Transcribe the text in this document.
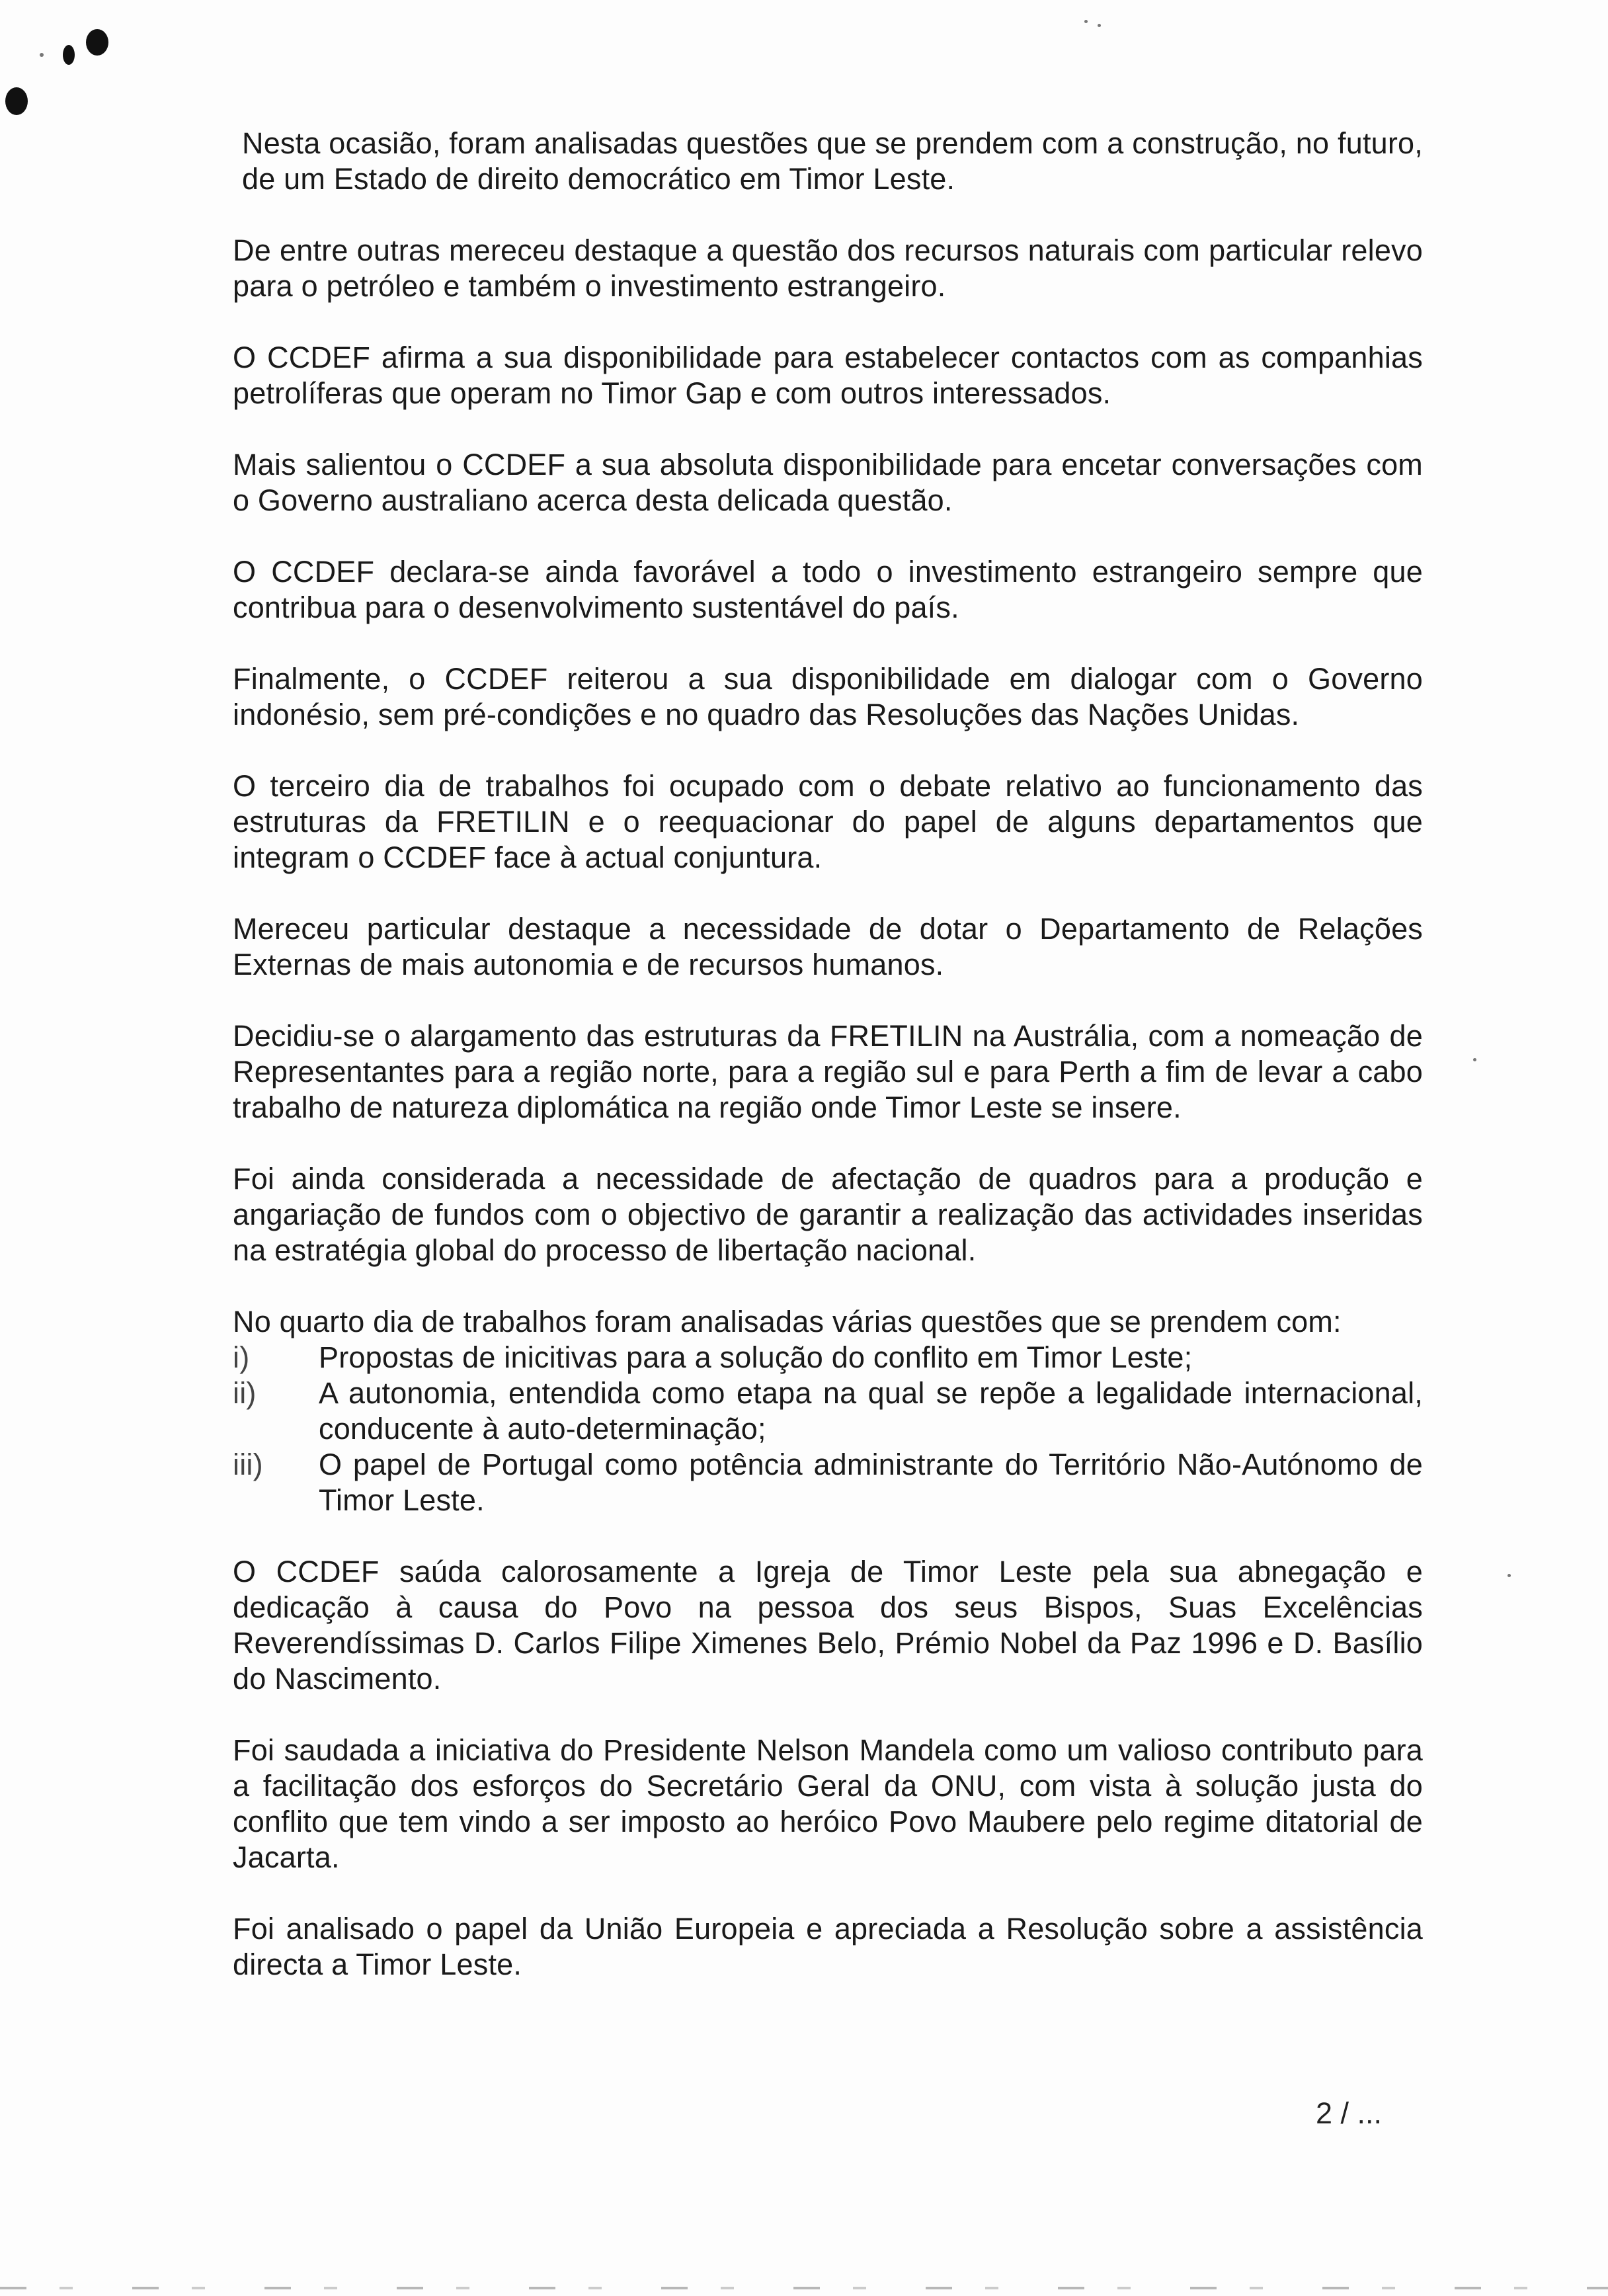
Nesta ocasião, foram analisadas questões que se prendem com a construção, no futuro, de um Estado de direito democrático em Timor Leste.

De entre outras mereceu destaque a questão dos recursos naturais com particular relevo para o petróleo e também o investimento estrangeiro.

O CCDEF afirma a sua disponibilidade para estabelecer contactos com as companhias petrolíferas que operam no Timor Gap e com outros interessados.

Mais salientou o CCDEF a sua absoluta disponibilidade para encetar conversações com o Governo australiano acerca desta delicada questão.

O CCDEF declara-se ainda favorável a todo o investimento estrangeiro sempre que contribua para o desenvolvimento sustentável do país.

Finalmente, o CCDEF reiterou a sua disponibilidade em dialogar com o Governo indonésio, sem pré-condições e no quadro das Resoluções das Nações Unidas.

O terceiro dia de trabalhos foi ocupado com o debate relativo ao funcionamento das estruturas da FRETILIN e o reequacionar do papel de alguns departamentos que integram o CCDEF face à actual conjuntura.

Mereceu particular destaque a necessidade de dotar o Departamento de Relações Externas de mais autonomia e de recursos humanos.

Decidiu-se o alargamento das estruturas da FRETILIN na Austrália, com a nomeação de Representantes para a região norte, para a região sul e para Perth a fim de levar a cabo trabalho de natureza diplomática na região onde Timor Leste se insere.

Foi ainda considerada a necessidade de afectação de quadros para a produção e angariação de fundos com o objectivo de garantir a realização das actividades inseridas na estratégia global do processo de libertação nacional.

No quarto dia de trabalhos foram analisadas várias questões que se prendem com:

i)	Propostas de inicitivas para a solução do conflito em Timor Leste;
ii)	A autonomia, entendida como etapa na qual se repõe a legalidade internacional, conducente à auto-determinação;
iii)	O papel de Portugal como potência administrante do Território Não-Autónomo de Timor Leste.

O CCDEF saúda calorosamente a Igreja de Timor Leste pela sua abnegação e dedicação à causa do Povo na pessoa dos seus Bispos, Suas Excelências Reverendíssimas D. Carlos Filipe Ximenes Belo, Prémio Nobel da Paz 1996 e D. Basílio do Nascimento.

Foi saudada a iniciativa do Presidente Nelson Mandela como um valioso contributo para a facilitação dos esforços do Secretário Geral da ONU, com vista à solução justa do conflito que tem vindo a ser imposto ao heróico Povo Maubere pelo regime ditatorial de Jacarta.

Foi analisado o papel da União Europeia e apreciada a Resolução sobre a assistência directa a Timor Leste.

2 / ...
